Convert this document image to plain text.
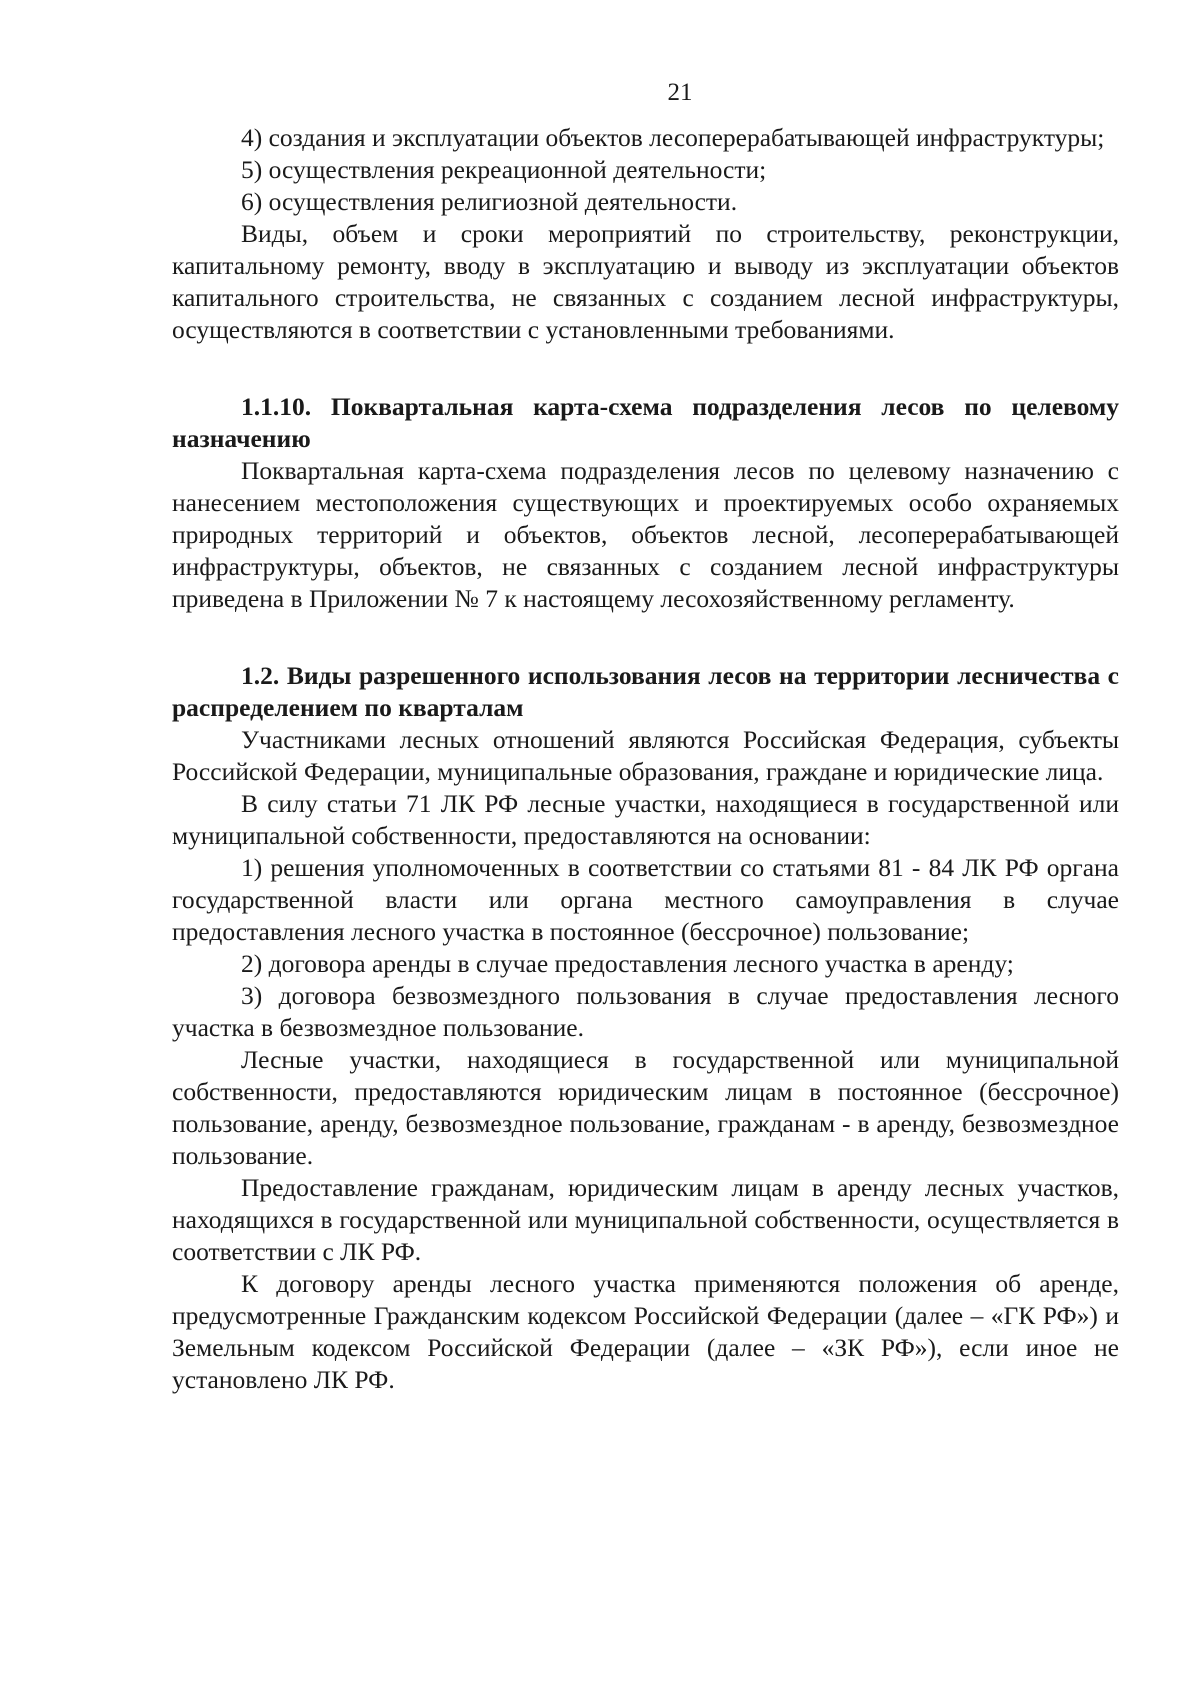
21

4) создания и эксплуатации объектов лесоперерабатывающей инфраструктуры;

5) осуществления рекреационной деятельности;

6) осуществления религиозной деятельности.

Виды, объем и сроки мероприятий по строительству, реконструкции, капитальному ремонту, вводу в эксплуатацию и выводу из эксплуатации объектов капитального строительства, не связанных с созданием лесной инфраструктуры, осуществляются в соответствии с установленными требованиями.

1.1.10. Поквартальная карта-схема подразделения лесов по целевому назначению

Поквартальная карта-схема подразделения лесов по целевому назначению с нанесением местоположения существующих и проектируемых особо охраняемых природных территорий и объектов, объектов лесной, лесоперерабатывающей инфраструктуры, объектов, не связанных с созданием лесной инфраструктуры приведена в Приложении № 7 к настоящему лесохозяйственному регламенту.

1.2. Виды разрешенного использования лесов на территории лесничества с распределением по кварталам

Участниками лесных отношений являются Российская Федерация, субъекты Российской Федерации, муниципальные образования, граждане и юридические лица.

В силу статьи 71 ЛК РФ лесные участки, находящиеся в государственной или муниципальной собственности, предоставляются на основании:

1) решения уполномоченных в соответствии со статьями 81 - 84 ЛК РФ органа государственной власти или органа местного самоуправления в случае предоставления лесного участка в постоянное (бессрочное) пользование;

2) договора аренды в случае предоставления лесного участка в аренду;

3) договора безвозмездного пользования в случае предоставления лесного участка в безвозмездное пользование.

Лесные участки, находящиеся в государственной или муниципальной собственности, предоставляются юридическим лицам в постоянное (бессрочное) пользование, аренду, безвозмездное пользование, гражданам - в аренду, безвозмездное пользование.

Предоставление гражданам, юридическим лицам в аренду лесных участков, находящихся в государственной или муниципальной собственности, осуществляется в соответствии с ЛК РФ.

К договору аренды лесного участка применяются положения об аренде, предусмотренные Гражданским кодексом Российской Федерации (далее – «ГК РФ») и Земельным кодексом Российской Федерации (далее – «ЗК РФ»), если иное не установлено ЛК РФ.
